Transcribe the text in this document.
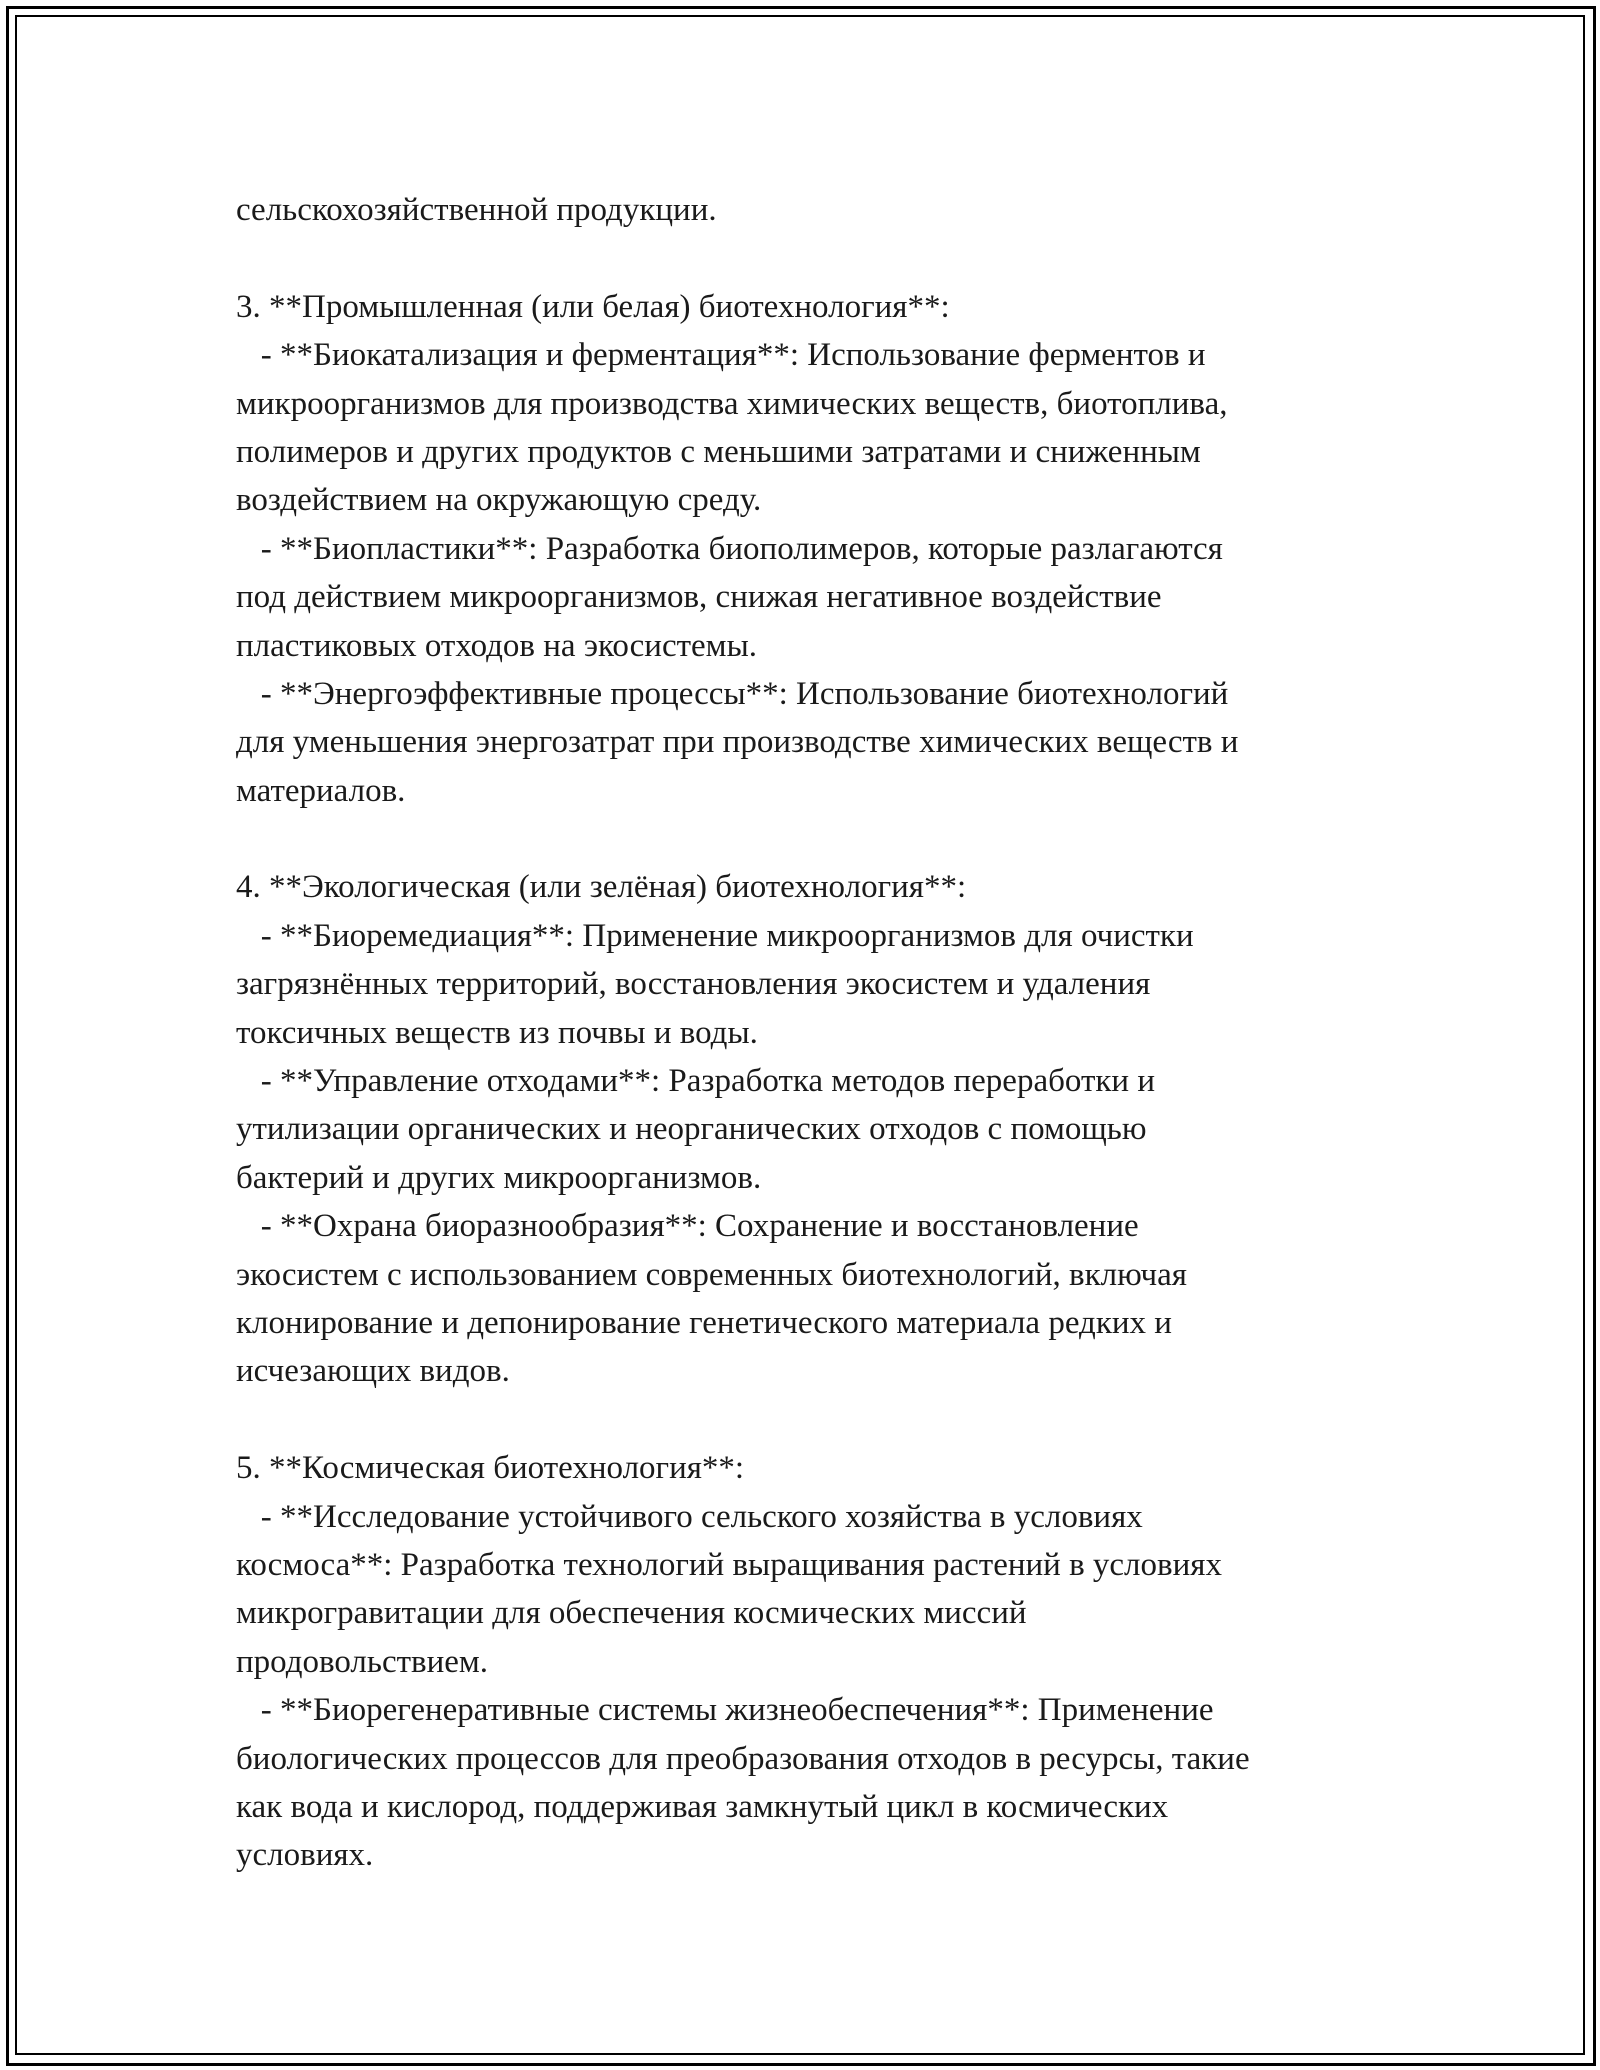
сельскохозяйственной продукции.
3. **Промышленная (или белая) биотехнология**:
- **Биокатализация и ферментация**: Использование ферментов и
микроорганизмов для производства химических веществ, биотоплива,
полимеров и других продуктов с меньшими затратами и сниженным
воздействием на окружающую среду.
- **Биопластики**: Разработка биополимеров, которые разлагаются
под действием микроорганизмов, снижая негативное воздействие
пластиковых отходов на экосистемы.
- **Энергоэффективные процессы**: Использование биотехнологий
для уменьшения энергозатрат при производстве химических веществ и
материалов.
4. **Экологическая (или зелёная) биотехнология**:
- **Биоремедиация**: Применение микроорганизмов для очистки
загрязнённых территорий, восстановления экосистем и удаления
токсичных веществ из почвы и воды.
- **Управление отходами**: Разработка методов переработки и
утилизации органических и неорганических отходов с помощью
бактерий и других микроорганизмов.
- **Охрана биоразнообразия**: Сохранение и восстановление
экосистем с использованием современных биотехнологий, включая
клонирование и депонирование генетического материала редких и
исчезающих видов.
5. **Космическая биотехнология**:
- **Исследование устойчивого сельского хозяйства в условиях
космоса**: Разработка технологий выращивания растений в условиях
микрогравитации для обеспечения космических миссий
продовольствием.
- **Биорегенеративные системы жизнеобеспечения**: Применение
биологических процессов для преобразования отходов в ресурсы, такие
как вода и кислород, поддерживая замкнутый цикл в космических
условиях.
